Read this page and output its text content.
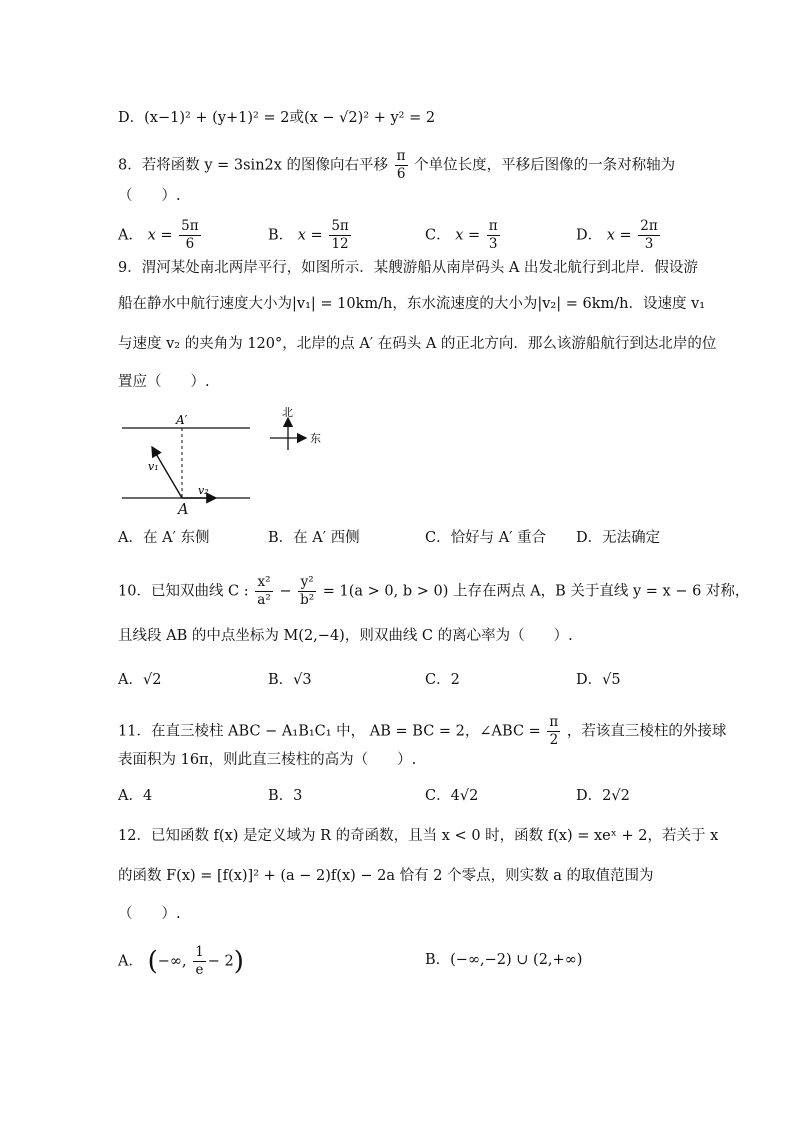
D．(x−1)² + (y+1)² = 2或(x − √2)² + y² = 2
8．若将函数 y = 3sin2x 的图像向右平移 $\frac{\pi}{6}$ 个单位长度，平移后图像的一条对称轴为
（　　）.
A． $x = \frac{5\pi}{6}$	B． $x = \frac{5\pi}{12}$	C． $x = \frac{\pi}{3}$	D． $x = \frac{2\pi}{3}$
9．渭河某处南北两岸平行，如图所示．某艘游船从南岸码头 A 出发北航行到北岸．假设游
船在静水中航行速度大小为|v₁| = 10km/h，东水流速度的大小为|v₂| = 6km/h．设速度 v₁
与速度 v₂ 的夹角为 120°，北岸的点 A′ 在码头 A 的正北方向．那么该游船航行到达北岸的位
置应（　　）.
A′
v₁
v₂
北
东
A
A．在 A′ 东侧	B．在 A′ 西侧	C．恰好与 A′ 重合 D．无法确定
10．已知双曲线 C : $\frac{\text{x²}}{\text{a²}} - \frac{\text{y²}}{\text{b²}} = 1(a > 0$, b > 0) 上存在两点 A，B 关于直线 y = x − 6 对称，
且线段 AB 的中点坐标为 M(2,−4)，则双曲线 C 的离心率为（　　）.
A．√2	B．√3	C．2	D．√5
11．在直三棱柱 ABC − A₁B₁C₁ 中， AB = BC = 2，∠ABC = $\frac{\pi}{2}$ ，若该直三棱柱的外接球
表面积为 16π，则此直三棱柱的高为（　　）.
A．4	B．3	C．4√2	D．2√2
12．已知函数 f(x) 是定义域为 R 的奇函数，且当 x < 0 时，函数 f(x) = xeˣ + 2，若关于 x
的函数 F(x) = [f(x)]² + (a − 2)f(x) − 2a 恰有 2 个零点，则实数 a 的取值范围为
（　　）.
A． (−∞, $\frac{1}{e} - 2$)	B．(−∞,−2) ∪ (2,+∞)
